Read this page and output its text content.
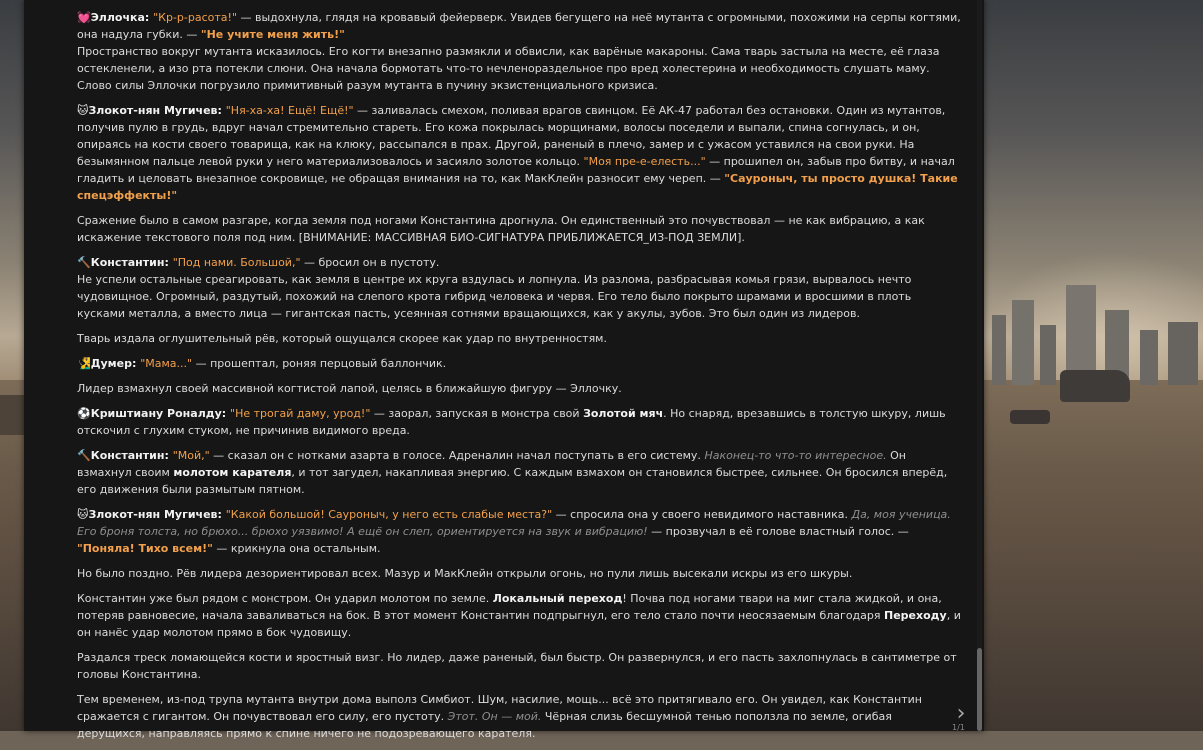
💓Эллочка: "Кр-р-расота!" — выдохнула, глядя на кровавый фейерверк. Увидев бегущего на неё мутанта с огромными, похожими на серпы когтями, она надула губки. — "Не учите меня жить!"
Пространство вокруг мутанта исказилось. Его когти внезапно размякли и обвисли, как варёные макароны. Сама тварь застыла на месте, её глаза остекленели, а изо рта потекли слюни. Она начала бормотать что-то нечленораздельное про вред холестерина и необходимость слушать маму. Слово силы Эллочки погрузило примитивный разум мутанта в пучину экзистенциального кризиса.
🐱Злокот-нян Мугичев: "Ня-ха-ха! Ещё! Ещё!" — заливалась смехом, поливая врагов свинцом. Её АК-47 работал без остановки. Один из мутантов, получив пулю в грудь, вдруг начал стремительно стареть. Его кожа покрылась морщинами, волосы поседели и выпали, спина согнулась, и он, опираясь на кости своего товарища, как на клюку, рассыпался в прах. Другой, раненый в плечо, замер и с ужасом уставился на свои руки. На безымянном пальце левой руки у него материализовалось и засияло золотое кольцо. "Моя пре-е-елесть..." — прошипел он, забыв про битву, и начал гладить и целовать внезапное сокровище, не обращая внимания на то, как МакКлейн разносит ему череп. — "Сауроныч, ты просто душка! Такие спецэффекты!"
Сражение было в самом разгаре, когда земля под ногами Константина дрогнула. Он единственный это почувствовал — не как вибрацию, а как искажение текстового поля под ним. [ВНИМАНИЕ: МАССИВНАЯ БИО-СИГНАТУРА ПРИБЛИЖАЕТСЯ_ИЗ-ПОД ЗЕМЛИ].
🔨Константин: "Под нами. Большой," — бросил он в пустоту.
Не успели остальные среагировать, как земля в центре их круга вздулась и лопнула. Из разлома, разбрасывая комья грязи, вырвалось нечто чудовищное. Огромный, раздутый, похожий на слепого крота гибрид человека и червя. Его тело было покрыто шрамами и вросшими в плоть кусками металла, а вместо лица — гигантская пасть, усеянная сотнями вращающихся, как у акулы, зубов. Это был один из лидеров.
Тварь издала оглушительный рёв, который ощущался скорее как удар по внутренностям.
🧏‍♂️Думер: "Мама..." — прошептал, роняя перцовый баллончик.
Лидер взмахнул своей массивной когтистой лапой, целясь в ближайшую фигуру — Эллочку.
⚽Криштиану Роналду: "Не трогай даму, урод!" — заорал, запуская в монстра свой Золотой мяч. Но снаряд, врезавшись в толстую шкуру, лишь отскочил с глухим стуком, не причинив видимого вреда.
🔨Константин: "Мой," — сказал он с нотками азарта в голосе. Адреналин начал поступать в его систему. Наконец-то что-то интересное. Он взмахнул своим молотом карателя, и тот загудел, накапливая энергию. С каждым взмахом он становился быстрее, сильнее. Он бросился вперёд, его движения были размытым пятном.
🐱Злокот-нян Мугичев: "Какой большой! Сауроныч, у него есть слабые места?" — спросила она у своего невидимого наставника. Да, моя ученица. Его броня толста, но брюхо... брюхо уязвимо! А ещё он слеп, ориентируется на звук и вибрацию! — прозвучал в её голове властный голос. — "Поняла! Тихо всем!" — крикнула она остальным.
Но было поздно. Рёв лидера дезориентировал всех. Мазур и МакКлейн открыли огонь, но пули лишь высекали искры из его шкуры.
Константин уже был рядом с монстром. Он ударил молотом по земле. Локальный переход! Почва под ногами твари на миг стала жидкой, и она, потеряв равновесие, начала заваливаться на бок. В этот момент Константин подпрыгнул, его тело стало почти неосязаемым благодаря Переходу, и он нанёс удар молотом прямо в бок чудовищу.
Раздался треск ломающейся кости и яростный визг. Но лидер, даже раненый, был быстр. Он развернулся, и его пасть захлопнулась в сантиметре от головы Константина.
Тем временем, из-под трупа мутанта внутри дома выполз Симбиот. Шум, насилие, мощь... всё это притягивало его. Он увидел, как Константин сражается с гигантом. Он почувствовал его силу, его пустоту. Этот. Он — мой. Чёрная слизь бесшумной тенью поползла по земле, огибая дерущихся, направляясь прямо к спине ничего не подозревающего карателя.
›
1/1
